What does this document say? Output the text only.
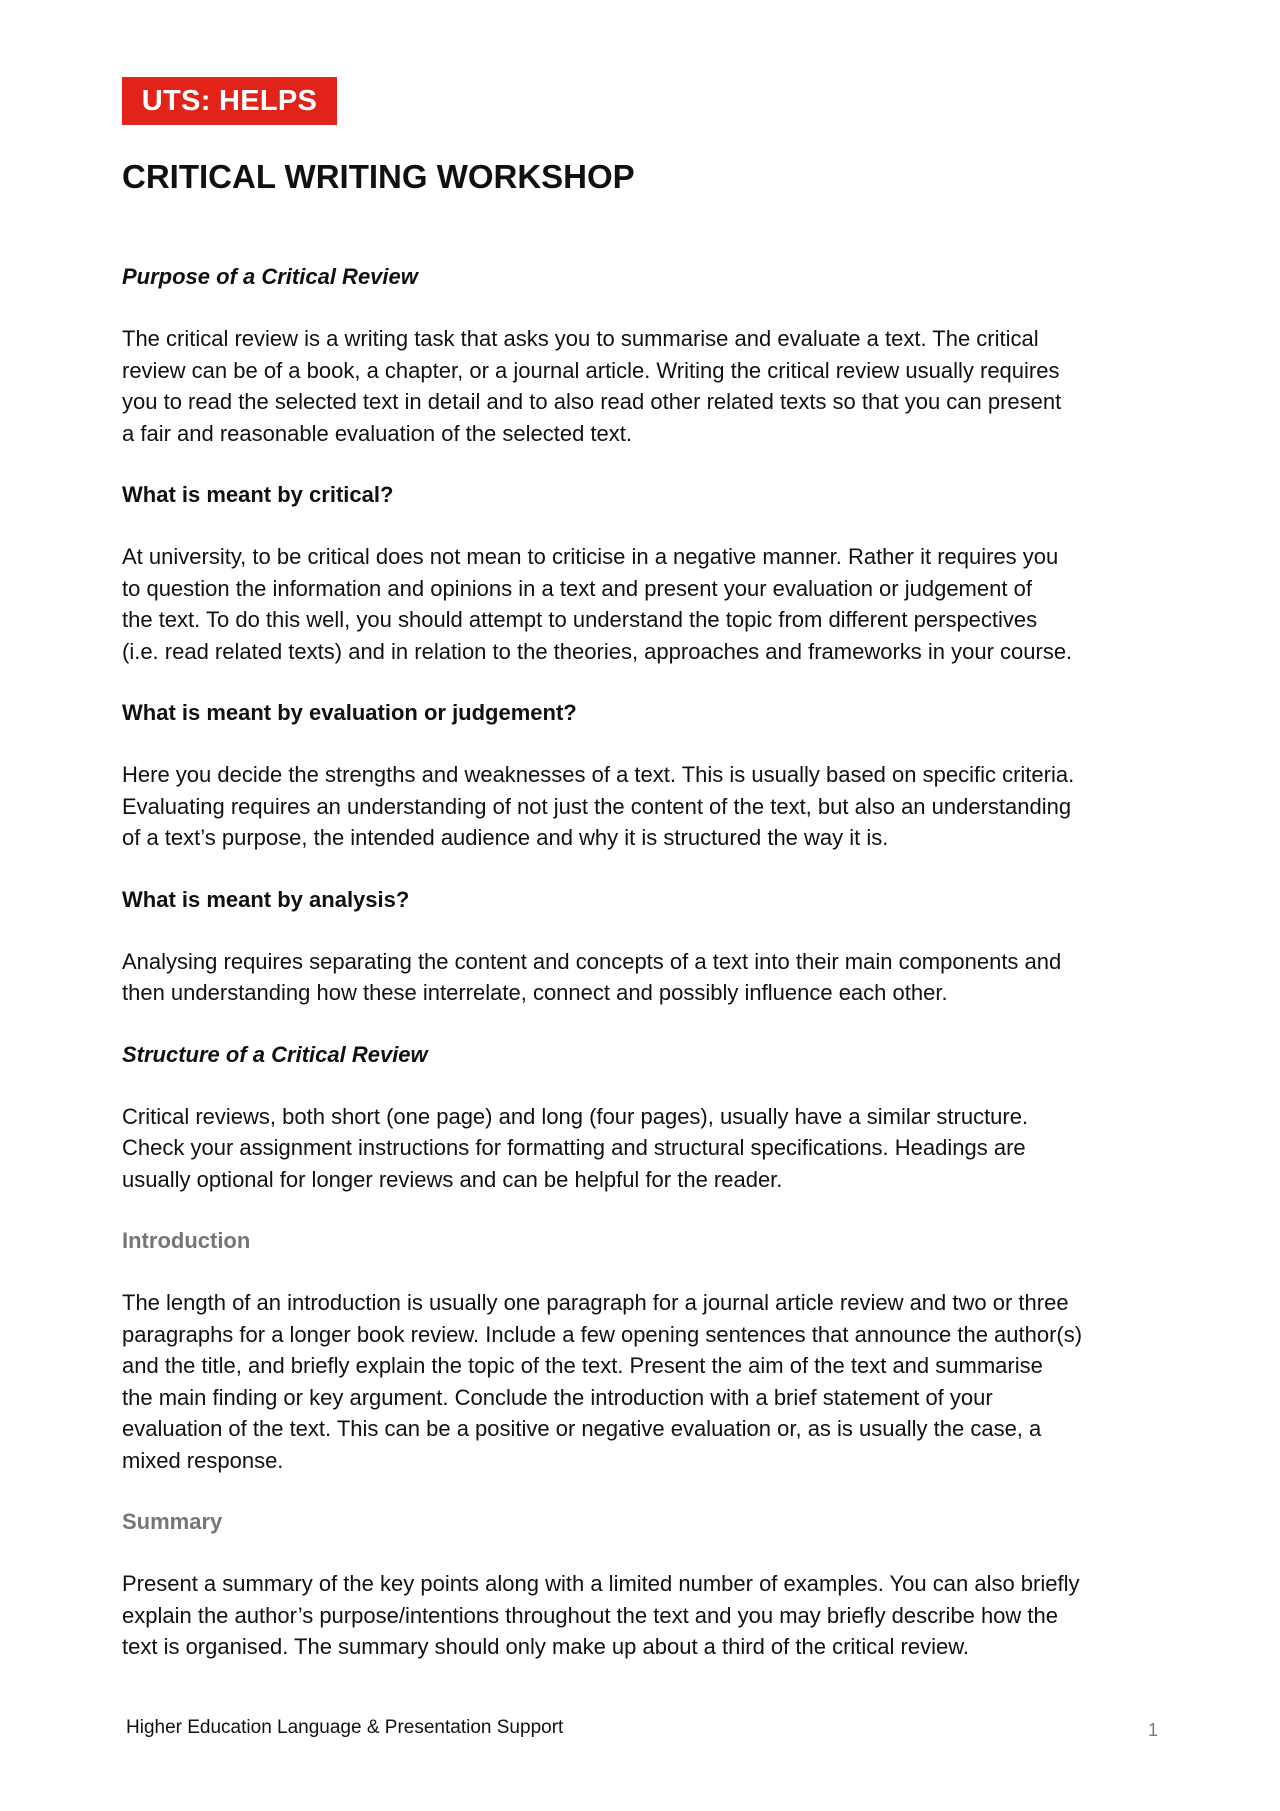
UTS: HELPS
CRITICAL WRITING WORKSHOP
Purpose of a Critical Review
The critical review is a writing task that asks you to summarise and evaluate a text. The critical
review can be of a book, a chapter, or a journal article. Writing the critical review usually requires
you to read the selected text in detail and to also read other related texts so that you can present
a fair and reasonable evaluation of the selected text.
What is meant by critical?
At university, to be critical does not mean to criticise in a negative manner. Rather it requires you
to question the information and opinions in a text and present your evaluation or judgement of
the text. To do this well, you should attempt to understand the topic from different perspectives
(i.e. read related texts) and in relation to the theories, approaches and frameworks in your course.
What is meant by evaluation or judgement?
Here you decide the strengths and weaknesses of a text. This is usually based on specific criteria.
Evaluating requires an understanding of not just the content of the text, but also an understanding
of a text’s purpose, the intended audience and why it is structured the way it is.
What is meant by analysis?
Analysing requires separating the content and concepts of a text into their main components and
then understanding how these interrelate, connect and possibly influence each other.
Structure of a Critical Review
Critical reviews, both short (one page) and long (four pages), usually have a similar structure.
Check your assignment instructions for formatting and structural specifications. Headings are
usually optional for longer reviews and can be helpful for the reader.
Introduction
The length of an introduction is usually one paragraph for a journal article review and two or three
paragraphs for a longer book review. Include a few opening sentences that announce the author(s)
and the title, and briefly explain the topic of the text. Present the aim of the text and summarise
the main finding or key argument. Conclude the introduction with a brief statement of your
evaluation of the text. This can be a positive or negative evaluation or, as is usually the case, a
mixed response.
Summary
Present a summary of the key points along with a limited number of examples. You can also briefly
explain the author’s purpose/intentions throughout the text and you may briefly describe how the
text is organised. The summary should only make up about a third of the critical review.
Higher Education Language & Presentation Support	1
